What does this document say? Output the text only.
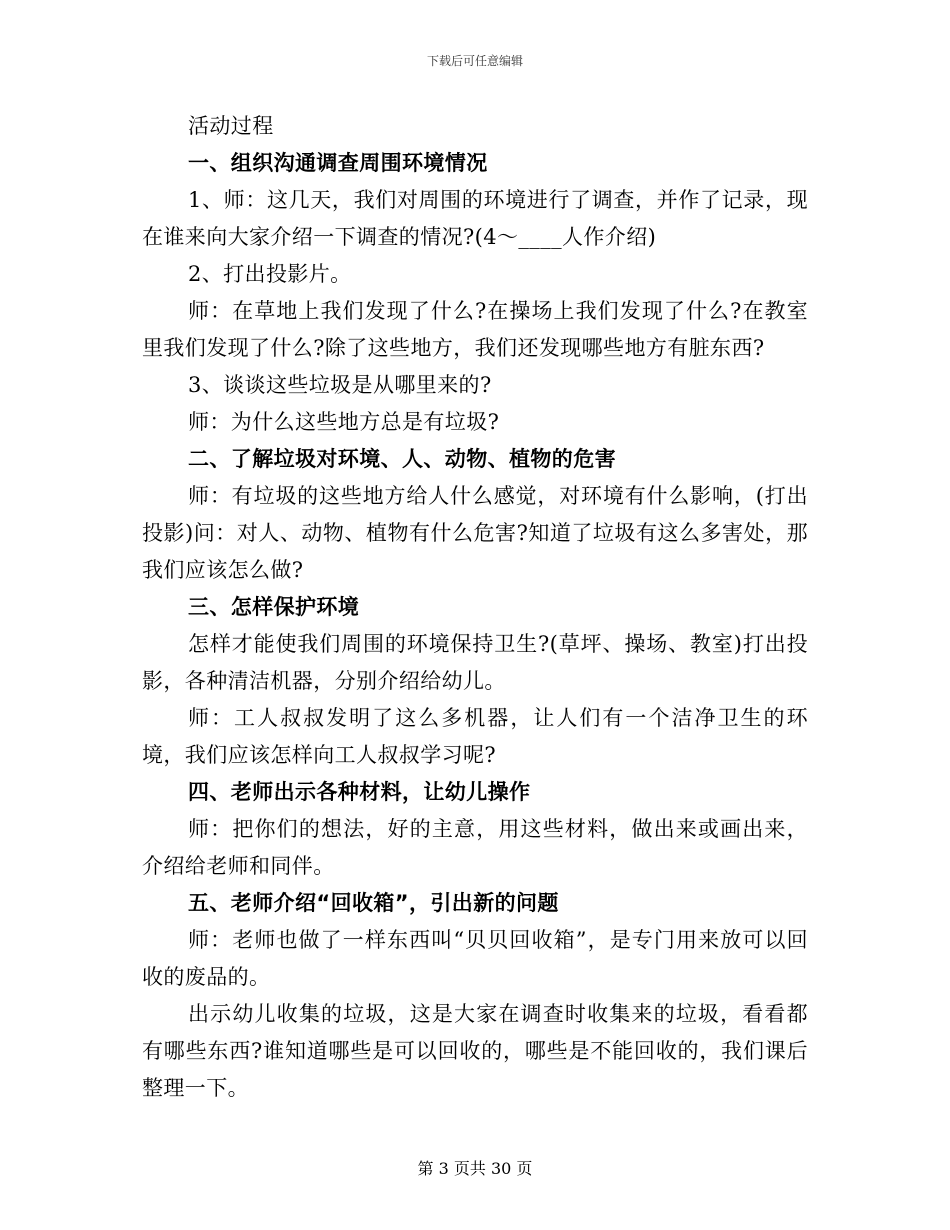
下载后可任意编辑

活动过程

一、组织沟通调查周围环境情况

1、师：这几天，我们对周围的环境进行了调查，并作了记录，现在谁来向大家介绍一下调查的情况?(4～____人作介绍)

2、打出投影片。

师：在草地上我们发现了什么?在操场上我们发现了什么?在教室里我们发现了什么?除了这些地方，我们还发现哪些地方有脏东西?

3、谈谈这些垃圾是从哪里来的?

师：为什么这些地方总是有垃圾?

二、了解垃圾对环境、人、动物、植物的危害

师：有垃圾的这些地方给人什么感觉，对环境有什么影响，(打出投影)问：对人、动物、植物有什么危害?知道了垃圾有这么多害处，那我们应该怎么做?

三、怎样保护环境

怎样才能使我们周围的环境保持卫生?(草坪、操场、教室)打出投影，各种清洁机器，分别介绍给幼儿。

师：工人叔叔发明了这么多机器，让人们有一个洁净卫生的环境，我们应该怎样向工人叔叔学习呢?

四、老师出示各种材料，让幼儿操作

师：把你们的想法，好的主意，用这些材料，做出来或画出来，介绍给老师和同伴。

五、老师介绍“回收箱”，引出新的问题

师：老师也做了一样东西叫“贝贝回收箱”，是专门用来放可以回收的废品的。

出示幼儿收集的垃圾，这是大家在调查时收集来的垃圾，看看都有哪些东西?谁知道哪些是可以回收的，哪些是不能回收的，我们课后整理一下。

第 3 页共 30 页
